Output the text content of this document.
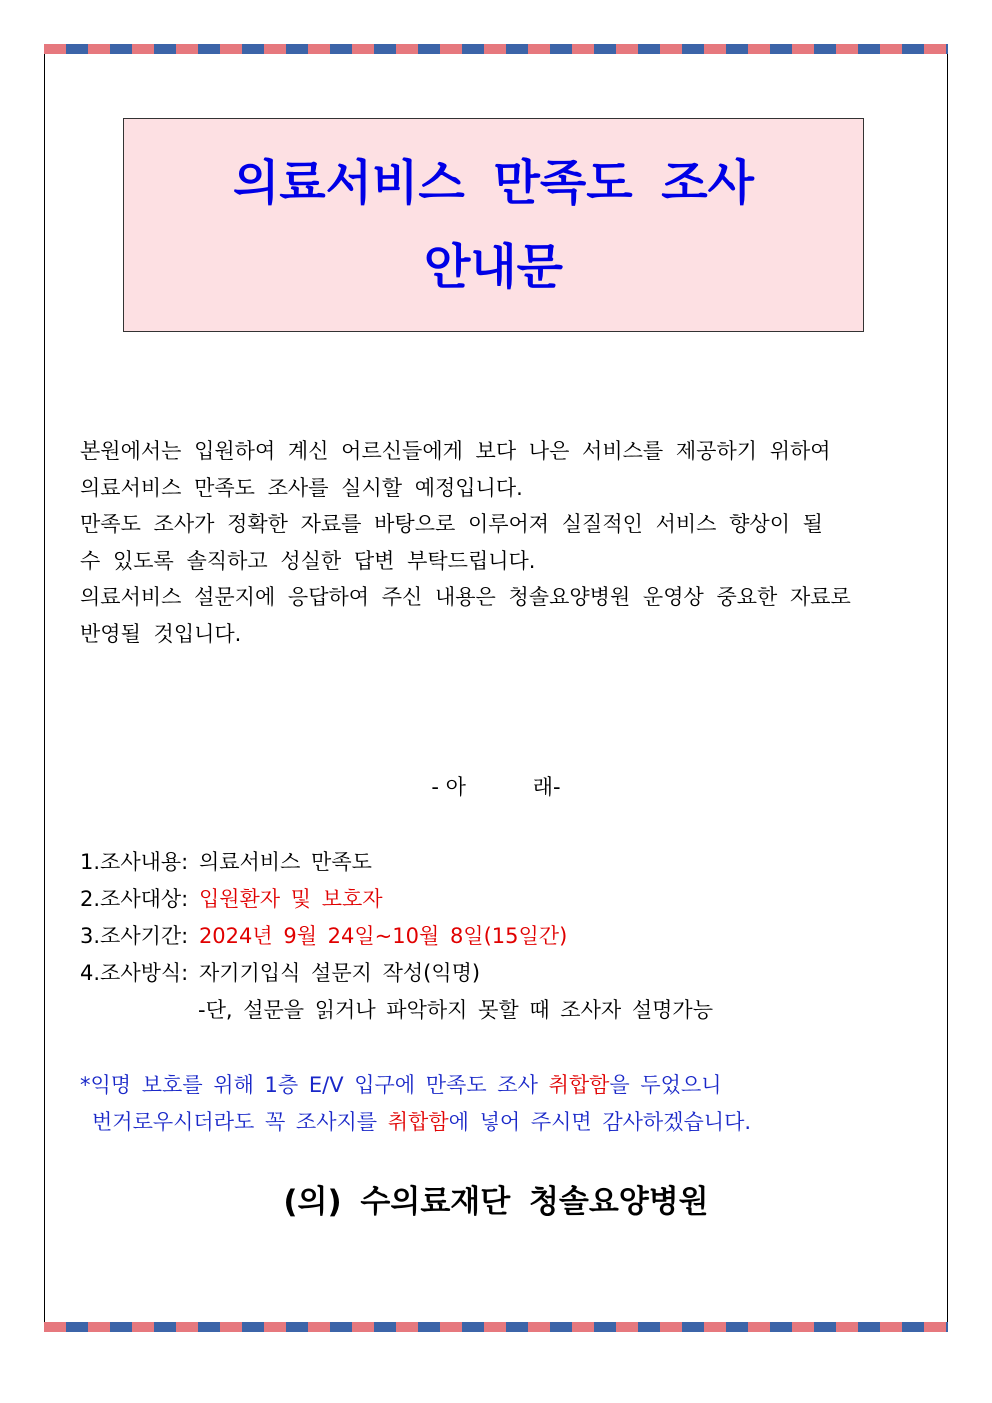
의료서비스 만족도 조사
안내문
본원에서는 입원하여 계신 어르신들에게 보다 나은 서비스를 제공하기 위하여
의료서비스 만족도 조사를 실시할 예정입니다.
만족도 조사가 정확한 자료를 바탕으로 이루어져 실질적인 서비스 향상이 될
수 있도록 솔직하고 성실한 답변 부탁드립니다.
의료서비스 설문지에 응답하여 주신 내용은 청솔요양병원 운영상 중요한 자료로
반영될 것입니다.
- 아          래-
1.조사내용: 의료서비스 만족도
2.조사대상: 입원환자 및 보호자
3.조사기간: 2024년 9월 24일~10월 8일(15일간)
4.조사방식: 자기기입식 설문지 작성(익명)
-단, 설문을 읽거나 파악하지 못할 때 조사자 설명가능
*익명 보호를 위해 1층 E/V 입구에 만족도 조사 취합함을 두었으니
번거로우시더라도 꼭 조사지를 취합함에 넣어 주시면 감사하겠습니다.
(의) 수의료재단 청솔요양병원
